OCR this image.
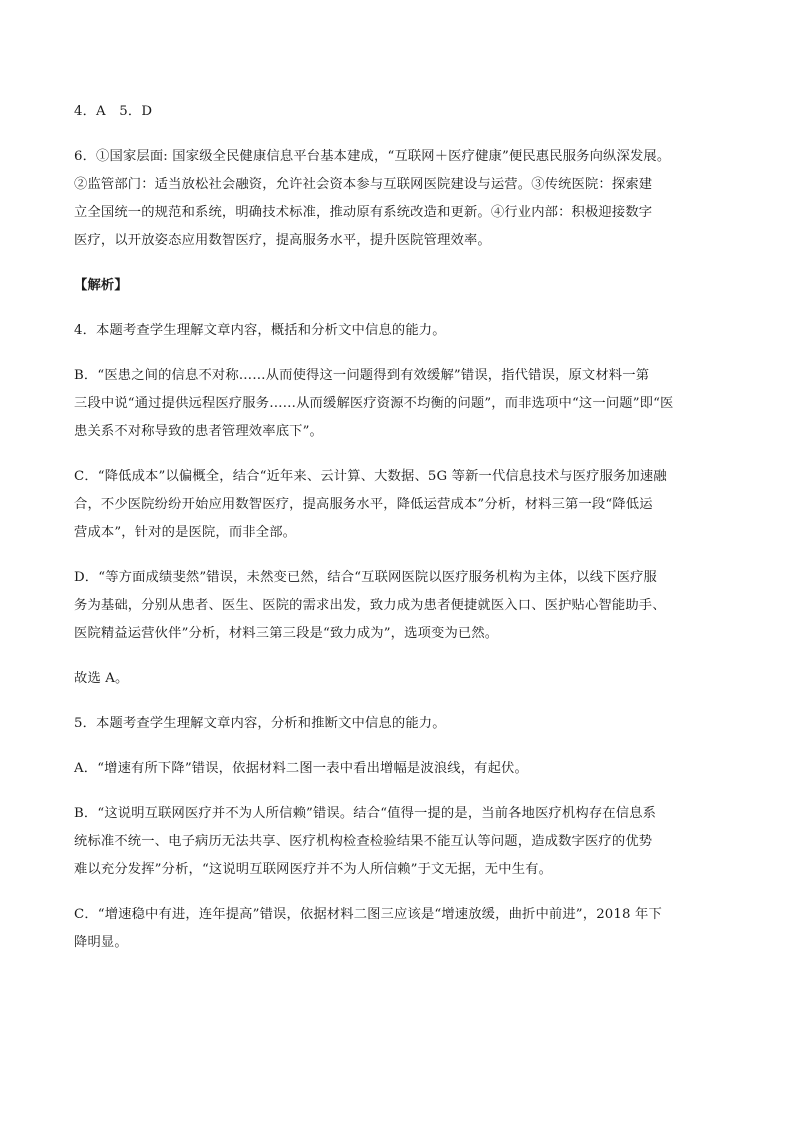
4．A　5．D

6．①国家层面: 国家级全民健康信息平台基本建成，“互联网＋医疗健康”便民惠民服务向纵深发展。
②监管部门：适当放松社会融资，允许社会资本参与互联网医院建设与运营。③传统医院：探索建
立全国统一的规范和系统，明确技术标准，推动原有系统改造和更新。④行业内部：积极迎接数字
医疗，以开放姿态应用数智医疗，提高服务水平，提升医院管理效率。

【解析】

4．本题考查学生理解文章内容，概括和分析文中信息的能力。

B．“医患之间的信息不对称……从而使得这一问题得到有效缓解”错误，指代错误，原文材料一第
三段中说“通过提供远程医疗服务……从而缓解医疗资源不均衡的问题”，而非选项中“这一问题”即“医
患关系不对称导致的患者管理效率底下”。

C．“降低成本”以偏概全，结合“近年来、云计算、大数据、5G 等新一代信息技术与医疗服务加速融
合，不少医院纷纷开始应用数智医疗，提高服务水平，降低运营成本”分析，材料三第一段“降低运
营成本”，针对的是医院，而非全部。

D．“等方面成绩斐然”错误，未然变已然，结合“互联网医院以医疗服务机构为主体，以线下医疗服
务为基础，分别从患者、医生、医院的需求出发，致力成为患者便捷就医入口、医护贴心智能助手、
医院精益运营伙伴”分析，材料三第三段是“致力成为”，选项变为已然。

故选 A。

5．本题考查学生理解文章内容，分析和推断文中信息的能力。

A．“增速有所下降”错误，依据材料二图一表中看出增幅是波浪线，有起伏。

B．“这说明互联网医疗并不为人所信赖”错误。结合“值得一提的是，当前各地医疗机构存在信息系
统标准不统一、电子病历无法共享、医疗机构检查检验结果不能互认等问题，造成数字医疗的优势
难以充分发挥”分析，“这说明互联网医疗并不为人所信赖”于文无据，无中生有。

C．“增速稳中有进，连年提高”错误，依据材料二图三应该是“增速放缓，曲折中前进”，2018 年下
降明显。
